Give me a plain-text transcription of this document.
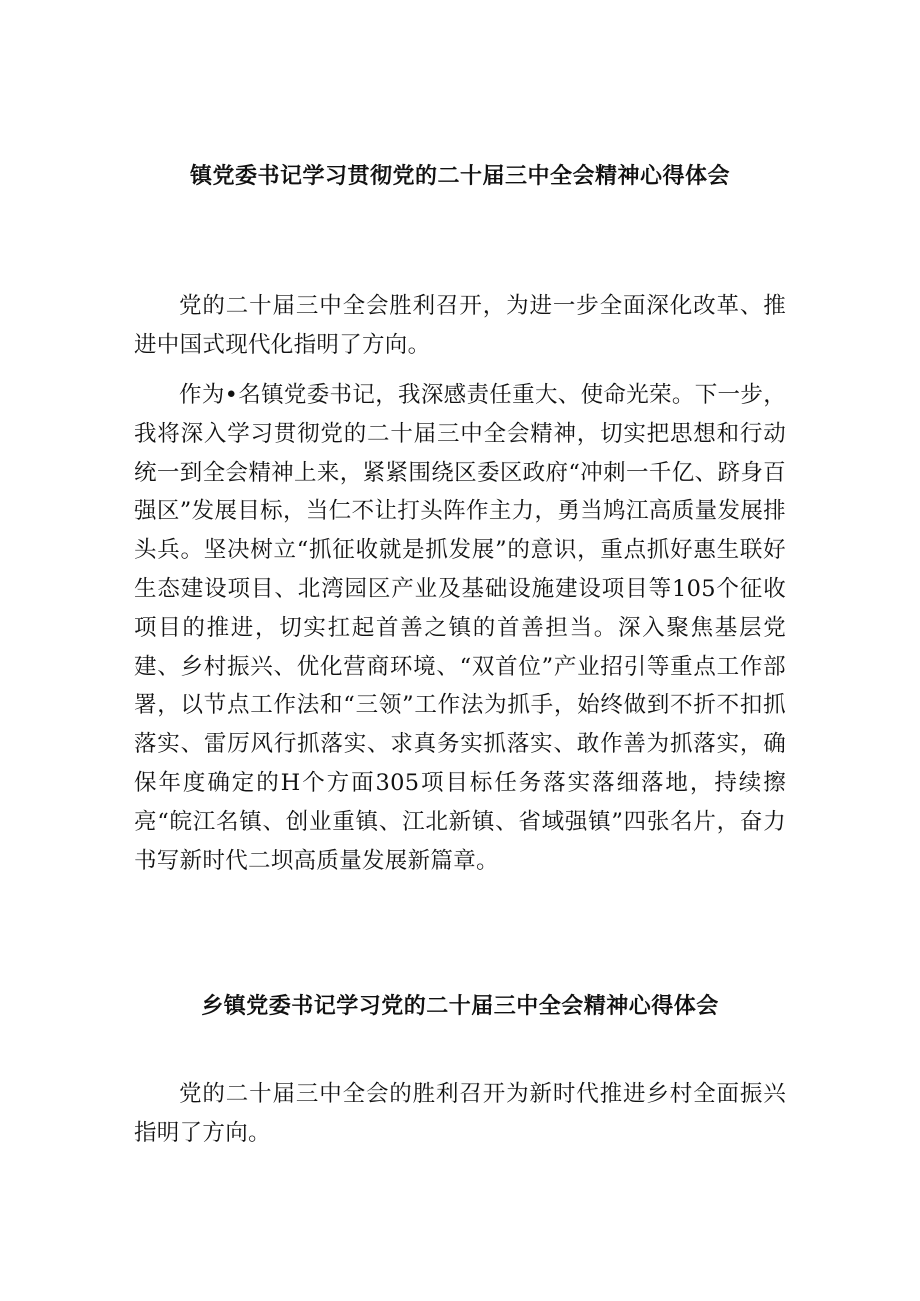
镇党委书记学习贯彻党的二十届三中全会精神心得体会

党的二十届三中全会胜利召开，为进一步全面深化改革、推进中国式现代化指明了方向。

作为•名镇党委书记，我深感责任重大、使命光荣。下一步，我将深入学习贯彻党的二十届三中全会精神，切实把思想和行动统一到全会精神上来，紧紧围绕区委区政府“冲刺一千亿、跻身百强区”发展目标，当仁不让打头阵作主力，勇当鸠江高质量发展排头兵。坚决树立“抓征收就是抓发展”的意识，重点抓好惠生联好生态建设项目、北湾园区产业及基础设施建设项目等105个征收项目的推进，切实扛起首善之镇的首善担当。深入聚焦基层党建、乡村振兴、优化营商环境、“双首位”产业招引等重点工作部署，以节点工作法和“三领”工作法为抓手，始终做到不折不扣抓落实、雷厉风行抓落实、求真务实抓落实、敢作善为抓落实，确保年度确定的H个方面305项目标任务落实落细落地，持续擦亮“皖江名镇、创业重镇、江北新镇、省域强镇”四张名片，奋力书写新时代二坝高质量发展新篇章。

乡镇党委书记学习党的二十届三中全会精神心得体会

党的二十届三中全会的胜利召开为新时代推进乡村全面振兴指明了方向。
